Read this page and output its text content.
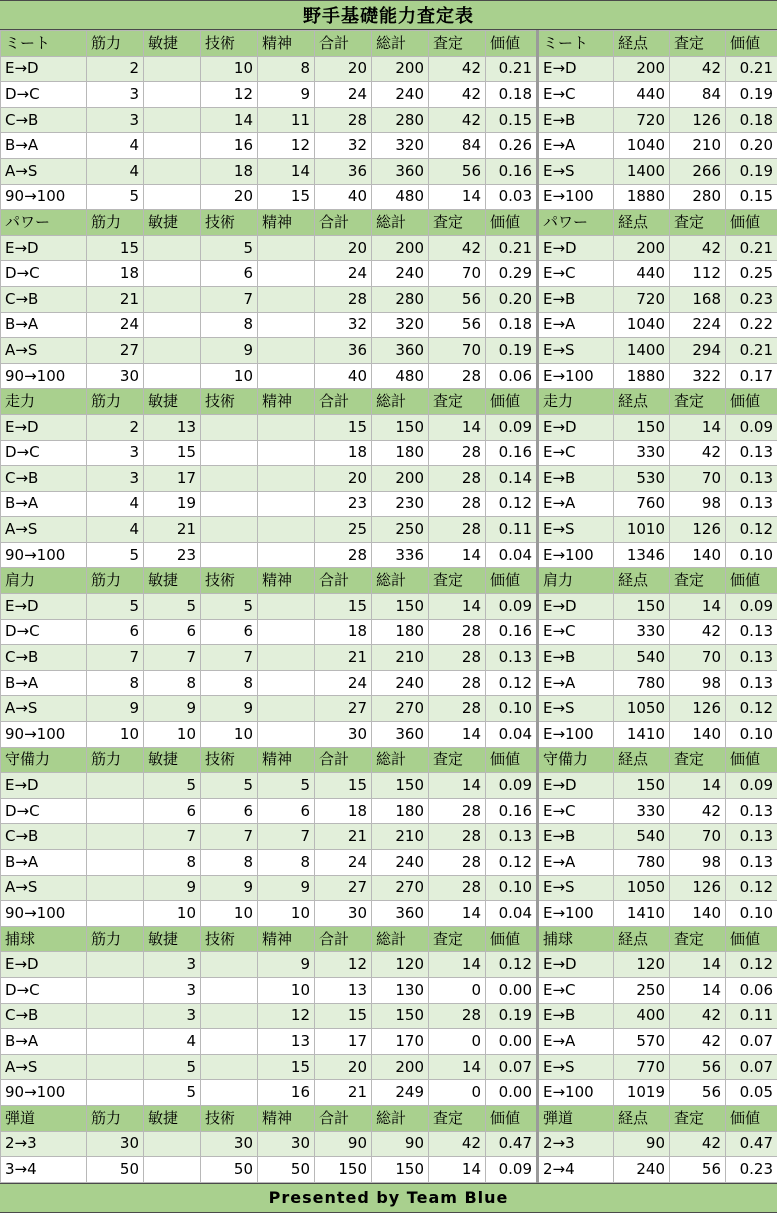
野手基礎能力査定表
ミート	筋力	敏捷	技術	精神	合計	総計	査定	価値	ミート	経点	査定	価値
E→D	2		10	8	20	200	42	0.21	E→D	200	42	0.21
D→C	3		12	9	24	240	42	0.18	E→C	440	84	0.19
C→B	3		14	11	28	280	42	0.15	E→B	720	126	0.18
B→A	4		16	12	32	320	84	0.26	E→A	1040	210	0.20
A→S	4		18	14	36	360	56	0.16	E→S	1400	266	0.19
90→100	5		20	15	40	480	14	0.03	E→100	1880	280	0.15
パワー	筋力	敏捷	技術	精神	合計	総計	査定	価値	パワー	経点	査定	価値
E→D	15		5		20	200	42	0.21	E→D	200	42	0.21
D→C	18		6		24	240	70	0.29	E→C	440	112	0.25
C→B	21		7		28	280	56	0.20	E→B	720	168	0.23
B→A	24		8		32	320	56	0.18	E→A	1040	224	0.22
A→S	27		9		36	360	70	0.19	E→S	1400	294	0.21
90→100	30		10		40	480	28	0.06	E→100	1880	322	0.17
走力	筋力	敏捷	技術	精神	合計	総計	査定	価値	走力	経点	査定	価値
E→D	2	13			15	150	14	0.09	E→D	150	14	0.09
D→C	3	15			18	180	28	0.16	E→C	330	42	0.13
C→B	3	17			20	200	28	0.14	E→B	530	70	0.13
B→A	4	19			23	230	28	0.12	E→A	760	98	0.13
A→S	4	21			25	250	28	0.11	E→S	1010	126	0.12
90→100	5	23			28	336	14	0.04	E→100	1346	140	0.10
肩力	筋力	敏捷	技術	精神	合計	総計	査定	価値	肩力	経点	査定	価値
E→D	5	5	5		15	150	14	0.09	E→D	150	14	0.09
D→C	6	6	6		18	180	28	0.16	E→C	330	42	0.13
C→B	7	7	7		21	210	28	0.13	E→B	540	70	0.13
B→A	8	8	8		24	240	28	0.12	E→A	780	98	0.13
A→S	9	9	9		27	270	28	0.10	E→S	1050	126	0.12
90→100	10	10	10		30	360	14	0.04	E→100	1410	140	0.10
守備力	筋力	敏捷	技術	精神	合計	総計	査定	価値	守備力	経点	査定	価値
E→D		5	5	5	15	150	14	0.09	E→D	150	14	0.09
D→C		6	6	6	18	180	28	0.16	E→C	330	42	0.13
C→B		7	7	7	21	210	28	0.13	E→B	540	70	0.13
B→A		8	8	8	24	240	28	0.12	E→A	780	98	0.13
A→S		9	9	9	27	270	28	0.10	E→S	1050	126	0.12
90→100		10	10	10	30	360	14	0.04	E→100	1410	140	0.10
捕球	筋力	敏捷	技術	精神	合計	総計	査定	価値	捕球	経点	査定	価値
E→D		3		9	12	120	14	0.12	E→D	120	14	0.12
D→C		3		10	13	130	0	0.00	E→C	250	14	0.06
C→B		3		12	15	150	28	0.19	E→B	400	42	0.11
B→A		4		13	17	170	0	0.00	E→A	570	42	0.07
A→S		5		15	20	200	14	0.07	E→S	770	56	0.07
90→100		5		16	21	249	0	0.00	E→100	1019	56	0.05
弾道	筋力	敏捷	技術	精神	合計	総計	査定	価値	弾道	経点	査定	価値
2→3	30		30	30	90	90	42	0.47	2→3	90	42	0.47
3→4	50		50	50	150	150	14	0.09	2→4	240	56	0.23
Presented by Team Blue
